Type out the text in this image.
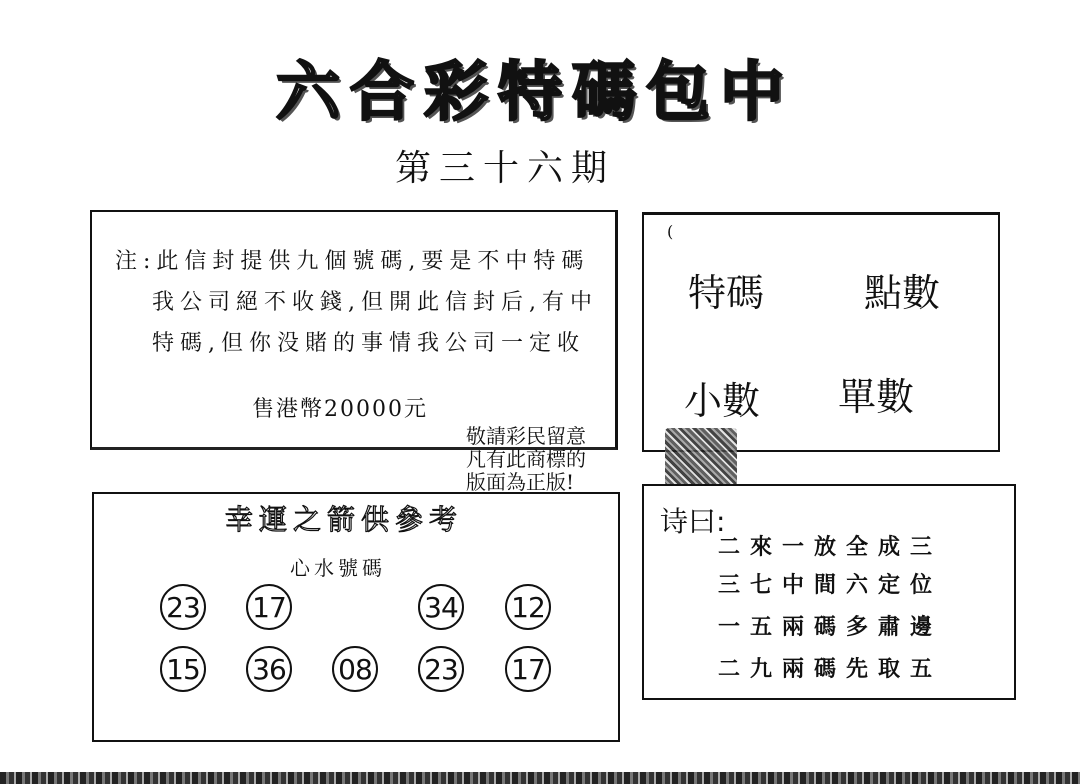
六合彩特碼包中
第三十六期
注:此信封提供九個號碼,要是不中特碼
我公司絕不收錢,但開此信封后,有中
特碼,但你没賭的事情我公司一定收
售港幣20000元
(
特碼	點數
小數 單數
敬請彩民留意
凡有此商標的
版面為正版!
幸運之箭供參考
心水號碼
23 17	34 12
15 36 08 23 17
诗曰:
二來一放全成三
三七中間六定位
一五兩碼多肅邊
二九兩碼先取五
